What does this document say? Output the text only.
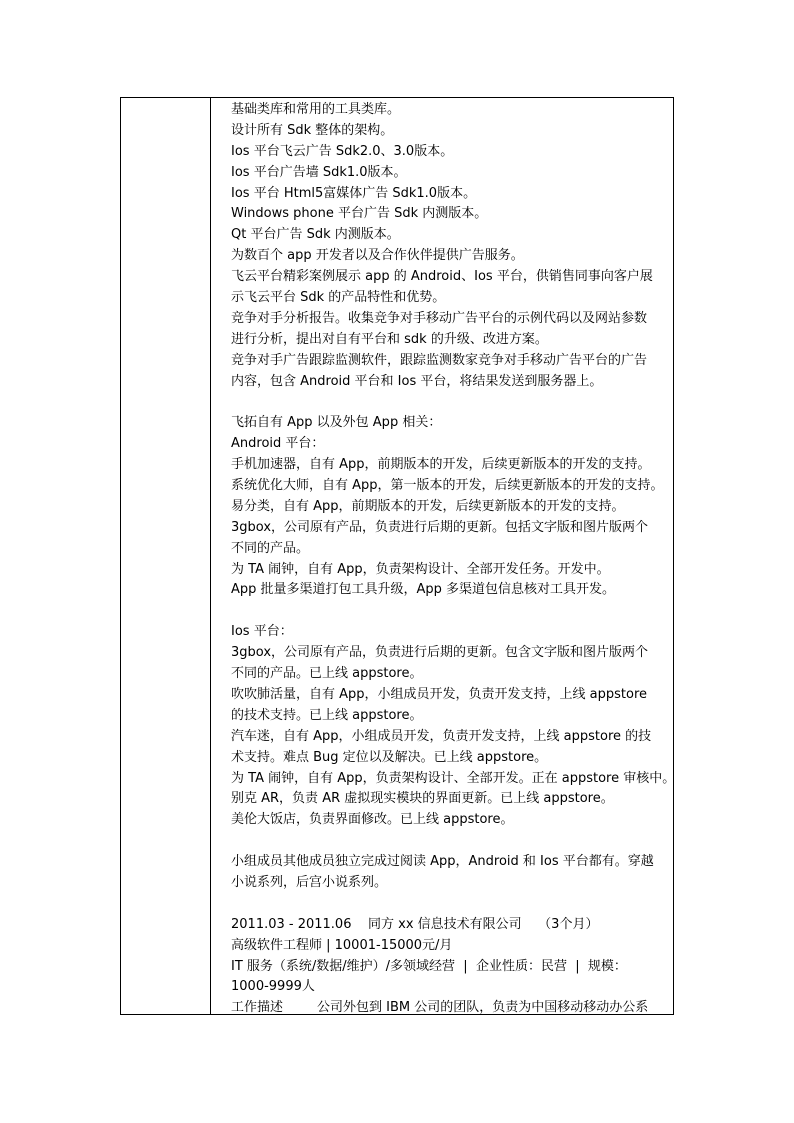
基础类库和常用的工具类库。
设计所有 Sdk 整体的架构。
Ios 平台飞云广告 Sdk2.0、3.0版本。
Ios 平台广告墙 Sdk1.0版本。
Ios 平台 Html5富媒体广告 Sdk1.0版本。
Windows phone 平台广告 Sdk 内测版本。
Qt 平台广告 Sdk 内测版本。
为数百个 app 开发者以及合作伙伴提供广告服务。
飞云平台精彩案例展示 app 的 Android、Ios 平台，供销售同事向客户展
示飞云平台 Sdk 的产品特性和优势。
竞争对手分析报告。收集竞争对手移动广告平台的示例代码以及网站参数
进行分析，提出对自有平台和 sdk 的升级、改进方案。
竞争对手广告跟踪监测软件，跟踪监测数家竞争对手移动广告平台的广告
内容，包含 Android 平台和 Ios 平台，将结果发送到服务器上。
飞拓自有 App 以及外包 App 相关：
Android 平台：
手机加速器，自有 App，前期版本的开发，后续更新版本的开发的支持。
系统优化大师，自有 App，第一版本的开发，后续更新版本的开发的支持。
易分类，自有 App，前期版本的开发，后续更新版本的开发的支持。
3gbox，公司原有产品，负责进行后期的更新。包括文字版和图片版两个
不同的产品。
为 TA 闹钟，自有 App，负责架构设计、全部开发任务。开发中。
App 批量多渠道打包工具升级，App 多渠道包信息核对工具开发。
Ios 平台：
3gbox，公司原有产品，负责进行后期的更新。包含文字版和图片版两个
不同的产品。已上线 appstore。
吹吹肺活量，自有 App，小组成员开发，负责开发支持，上线 appstore
的技术支持。已上线 appstore。
汽车迷，自有 App，小组成员开发，负责开发支持，上线 appstore 的技
术支持。难点 Bug 定位以及解决。已上线 appstore。
为 TA 闹钟，自有 App，负责架构设计、全部开发。正在 appstore 审核中。
别克 AR，负责 AR 虚拟现实模块的界面更新。已上线 appstore。
美伦大饭店，负责界面修改。已上线 appstore。
小组成员其他成员独立完成过阅读 App，Android 和 Ios 平台都有。穿越
小说系列，后宫小说系列。
2011.03 - 2011.06    同方 xx 信息技术有限公司    （3个月）
高级软件工程师 | 10001-15000元/月
IT 服务（系统/数据/维护）/多领域经营  |  企业性质：民营  |  规模：
1000-9999人
工作描述	公司外包到 IBM 公司的团队，负责为中国移动移动办公系
